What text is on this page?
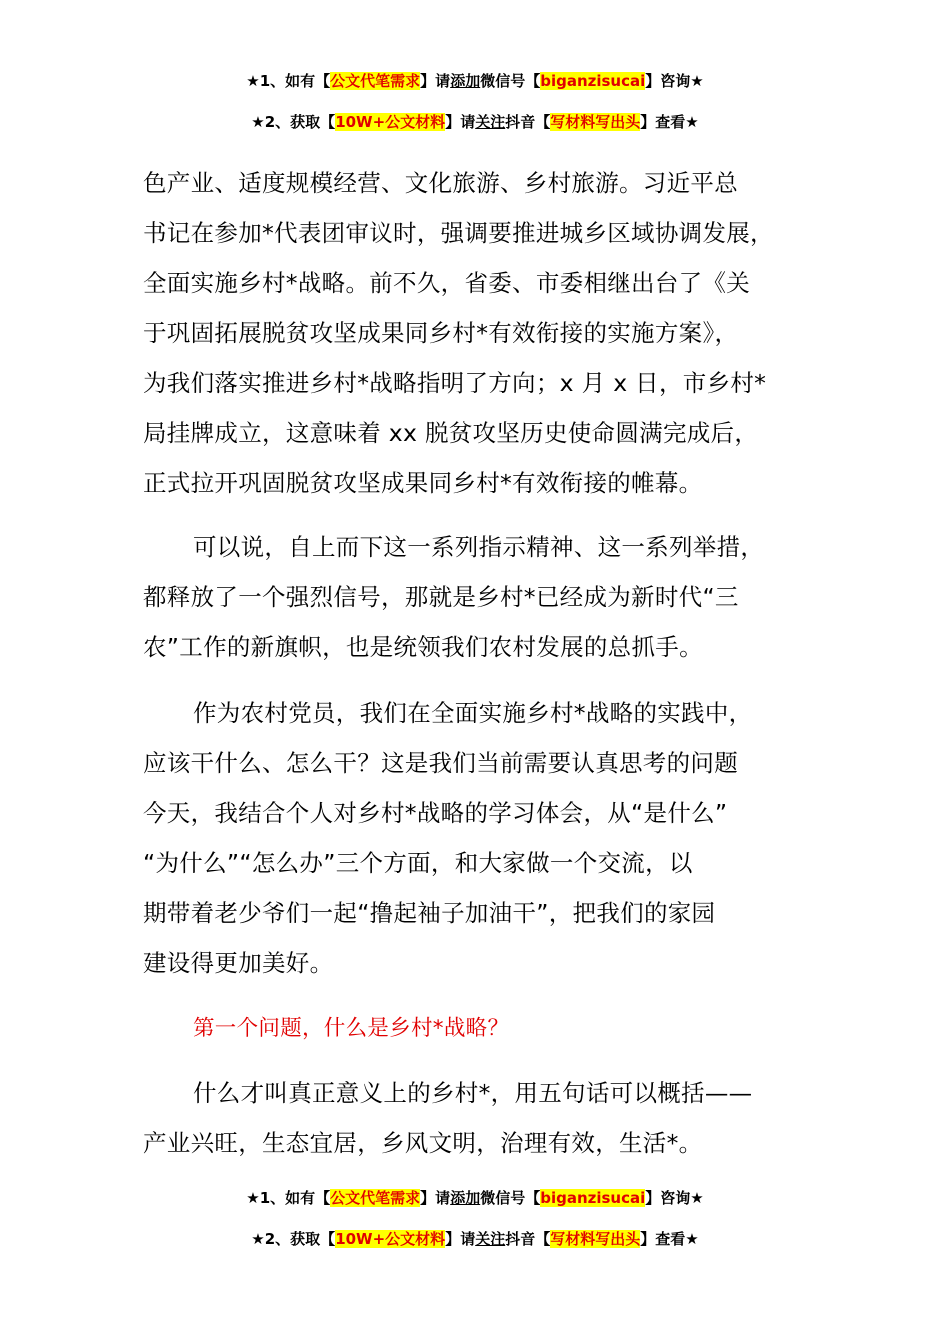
★1、如有【公文代笔需求】请添加微信号【biganzisucai】咨询★
★2、获取【10W+公文材料】请关注抖音【写材料写出头】查看★

色产业、适度规模经营、文化旅游、乡村旅游。习近平总
书记在参加*代表团审议时，强调要推进城乡区域协调发展，
全面实施乡村*战略。前不久，省委、市委相继出台了《关
于巩固拓展脱贫攻坚成果同乡村*有效衔接的实施方案》，
为我们落实推进乡村*战略指明了方向；x 月 x 日，市乡村*
局挂牌成立，这意味着 xx 脱贫攻坚历史使命圆满完成后，
正式拉开巩固脱贫攻坚成果同乡村*有效衔接的帷幕。

可以说，自上而下这一系列指示精神、这一系列举措，
都释放了一个强烈信号，那就是乡村*已经成为新时代“三
农”工作的新旗帜，也是统领我们农村发展的总抓手。

作为农村党员，我们在全面实施乡村*战略的实践中，
应该干什么、怎么干？这是我们当前需要认真思考的问题
今天，我结合个人对乡村*战略的学习体会，从“是什么”
“为什么”“怎么办”三个方面，和大家做一个交流，以
期带着老少爷们一起“撸起袖子加油干”，把我们的家园
建设得更加美好。

第一个问题，什么是乡村*战略？

什么才叫真正意义上的乡村*，用五句话可以概括——
产业兴旺，生态宜居，乡风文明，治理有效，生活*。

★1、如有【公文代笔需求】请添加微信号【biganzisucai】咨询★
★2、获取【10W+公文材料】请关注抖音【写材料写出头】查看★
